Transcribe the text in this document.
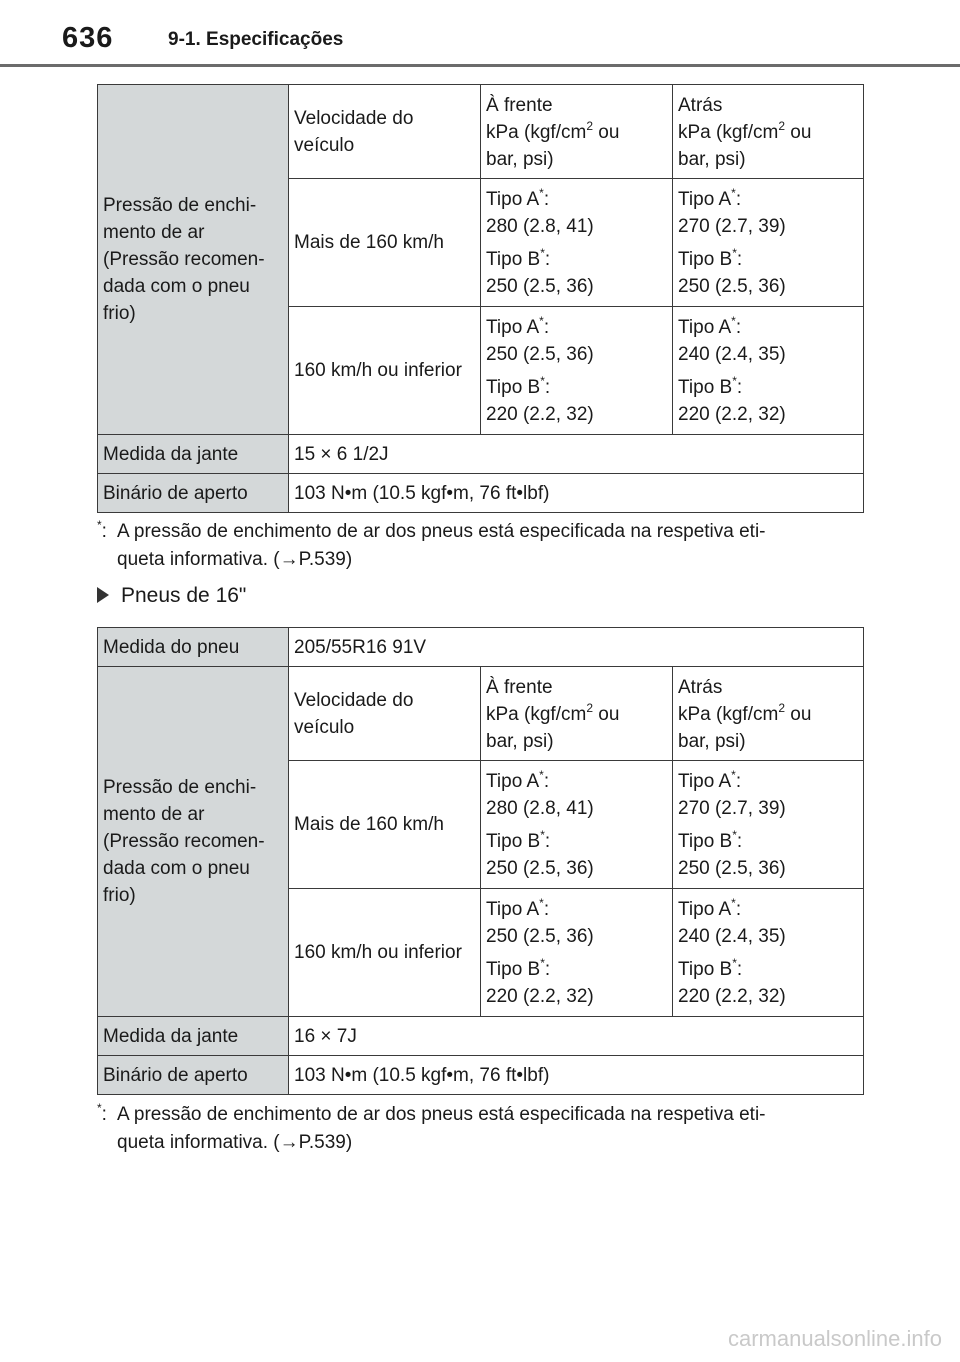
636	9-1. Especificações
Pressão de enchi-
mento de ar
(Pressão recomen-
dada com o pneu
frio)	Velocidade do
veículo	À frente
kPa ($kgf/cm^2$ ou
bar, psi)	Atrás
kPa ($kgf/cm^2$ ou
bar, psi)

	Mais de 160 km/h	Tipo A*:
280 (2.8, 41)
Tipo B*:
250 (2.5, 36)	Tipo A*:
270 (2.7, 39)
Tipo B*:
250 (2.5, 36)

	160 km/h ou inferior	Tipo A*:
250 (2.5, 36)
Tipo B*:
220 (2.2, 32)	Tipo A*:
240 (2.4, 35)
Tipo B*:
220 (2.2, 32)

Medida da jante	15 × 6 1/2J		
Binário de aperto	103 N•m (10.5 kgf•m, 76 ft•lbf)		
*: A pressão de enchimento de ar dos pneus está especificada na respetiva eti-
queta informativa. (→P.539)
Pneus de 16"
Medida do pneu	205/55R16 91V		

Pressão de enchi-
mento de ar
(Pressão recomen-
dada com o pneu
frio)	Velocidade do
veículo	À frente
kPa ($kgf/cm^2$ ou
bar, psi)	Atrás
kPa ($kgf/cm^2$ ou
bar, psi)

	Mais de 160 km/h	Tipo A*:
280 (2.8, 41)
Tipo B*:
250 (2.5, 36)	Tipo A*:
270 (2.7, 39)
Tipo B*:
250 (2.5, 36)

	160 km/h ou inferior	Tipo A*:
250 (2.5, 36)
Tipo B*:
220 (2.2, 32)	Tipo A*:
240 (2.4, 35)
Tipo B*:
220 (2.2, 32)

Medida da jante	16 × 7J		
Binário de aperto	103 N•m (10.5 kgf•m, 76 ft•lbf)		
*: A pressão de enchimento de ar dos pneus está especificada na respetiva eti-
queta informativa. (→P.539)
carmanualsonline.info
